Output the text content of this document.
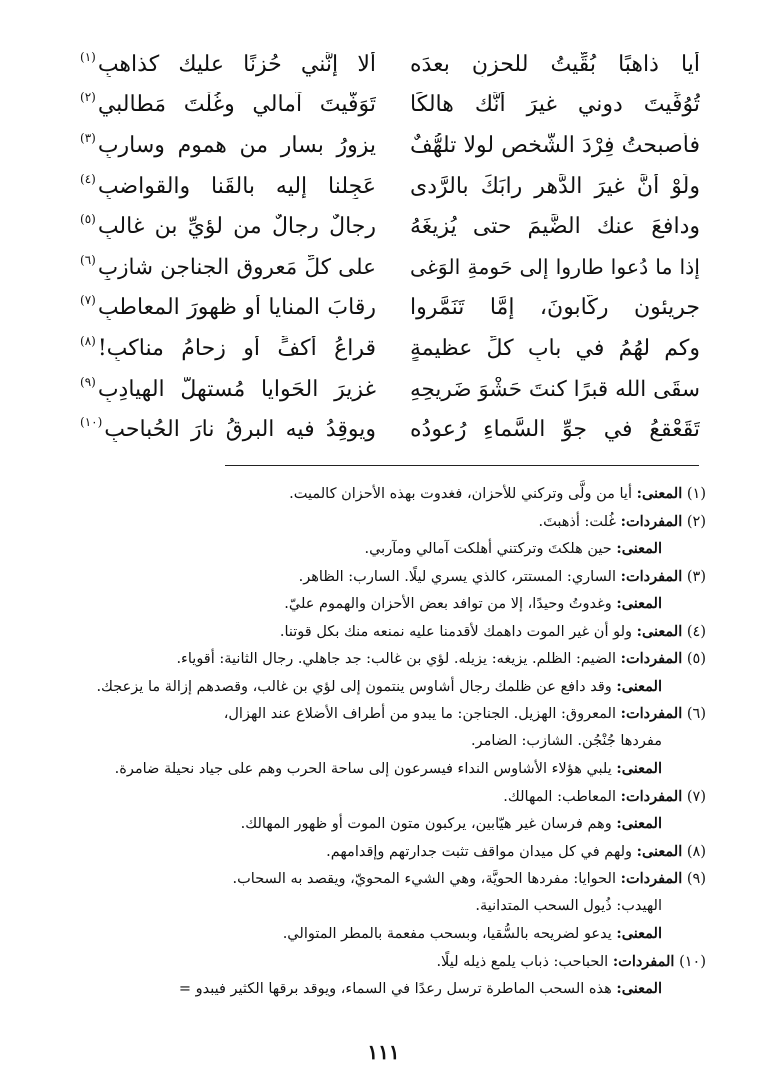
أيا ذاهبًا بُقِّيتُ للحزنِ بعدَه
ألا إنَّني حُزنًا عليك كذاهبِ$^{(١)}$
تُوُفِّيتَ دوني غيرَ أنَّك هالكًا
تَوَفَّيتَ آمالي وغُلْتَ مَطالبي$^{(٢)}$
فأصبحتُ فِرْدَ الشَّخص لولا تلهُّفٌ
يزورُ بسارٍ من هموم وساربِ$^{(٣)}$
ولَوْ أنَّ غيرَ الدَّهرِ رابَكَ بالرَّدى
عَجِلنا إليه بالقَنا والقواضبِ$^{(٤)}$
ودافعَ عنك الضَّيمَ حتى يُزيغَهُ
رِجالٌ رِجالٌ من لؤيِّ بنِ غالبِ$^{(٥)}$
إذا ما دُعوا طاروا إلى حَومةِ الوَغى
على كلِّ مَعروقِ الجناجنِ شازبِ$^{(٦)}$
جريئون ركَّابونَ، إمَّا تَنَمَّروا
رِقابَ المنايا أو ظهورَ المعاطبِ$^{(٧)}$
وكم لهُمُ في بابِ كلِّ عظيمةٍ
قراعُ أكفٍّ أو زِحامُ مناكبِ!$^{(٨)}$
سقَى الله قبرًا كنتَ حَشْوَ ضَريحِهِ
غزيرَ الحَوايا مُستهلَّ الهيادِبِ$^{(٩)}$
تَقَعْقعُ في جوِّ السَّماءِ رُعودُه
ويوقِدُ فيه البرقُ نارَ الحُباحبِ$^{(١٠)}$
(١) المعنى: أيا من ولَّى وتركني للأحزان، فغدوت بهذه الأحزان كالميت.
(٢) المفردات: غُلت: أذهبتَ.
المعنى: حين هلكتَ وتركتني أهلكت آمالي ومآربي.
(٣) المفردات: الساري: المستتر، كالذي يسري ليلًا. السارب: الظاهر.
المعنى: وغدوتُ وحيدًا، إلا من توافد بعض الأحزان والهموم عليّ.
(٤) المعنى: ولو أن غير الموت داهمك لأقدمنا عليه نمنعه منك بكل قوتنا.
(٥) المفردات: الضيم: الظلم. يزيغه: يزيله. لؤي بن غالب: جد جاهلي. رجال الثانية: أقوياء.
المعنى: وقد دافع عن ظلمك رجال أشاوس ينتمون إلى لؤي بن غالب، وقصدهم إزالة ما يزعجك.
(٦) المفردات: المعروق: الهزيل. الجناجن: ما يبدو من أطراف الأضلاع عند الهزال،
مفردها جُنْجُن. الشازب: الضامر.
المعنى: يلبي هؤلاء الأشاوس النداء فيسرعون إلى ساحة الحرب وهم على جياد نحيلة ضامرة.
(٧) المفردات: المعاطب: المهالك.
المعنى: وهم فرسان غير هيّابين، يركبون متون الموت أو ظهور المهالك.
(٨) المعنى: ولهم في كل ميدان مواقف تثبت جدارتهم وإقدامهم.
(٩) المفردات: الحوايا: مفردها الحويَّة، وهي الشيء المحويّ، ويقصد به السحاب.
الهيدب: ذُيول السحب المتدانية.
المعنى: يدعو لضريحه بالسُّقيا، وبسحب مفعمة بالمطر المتوالي.
(١٠) المفردات: الحباحب: ذباب يلمع ذيله ليلًا.
المعنى: هذه السحب الماطرة ترسل رعدًا في السماء، ويوقد برقها الكثير فيبدو =
١١١
